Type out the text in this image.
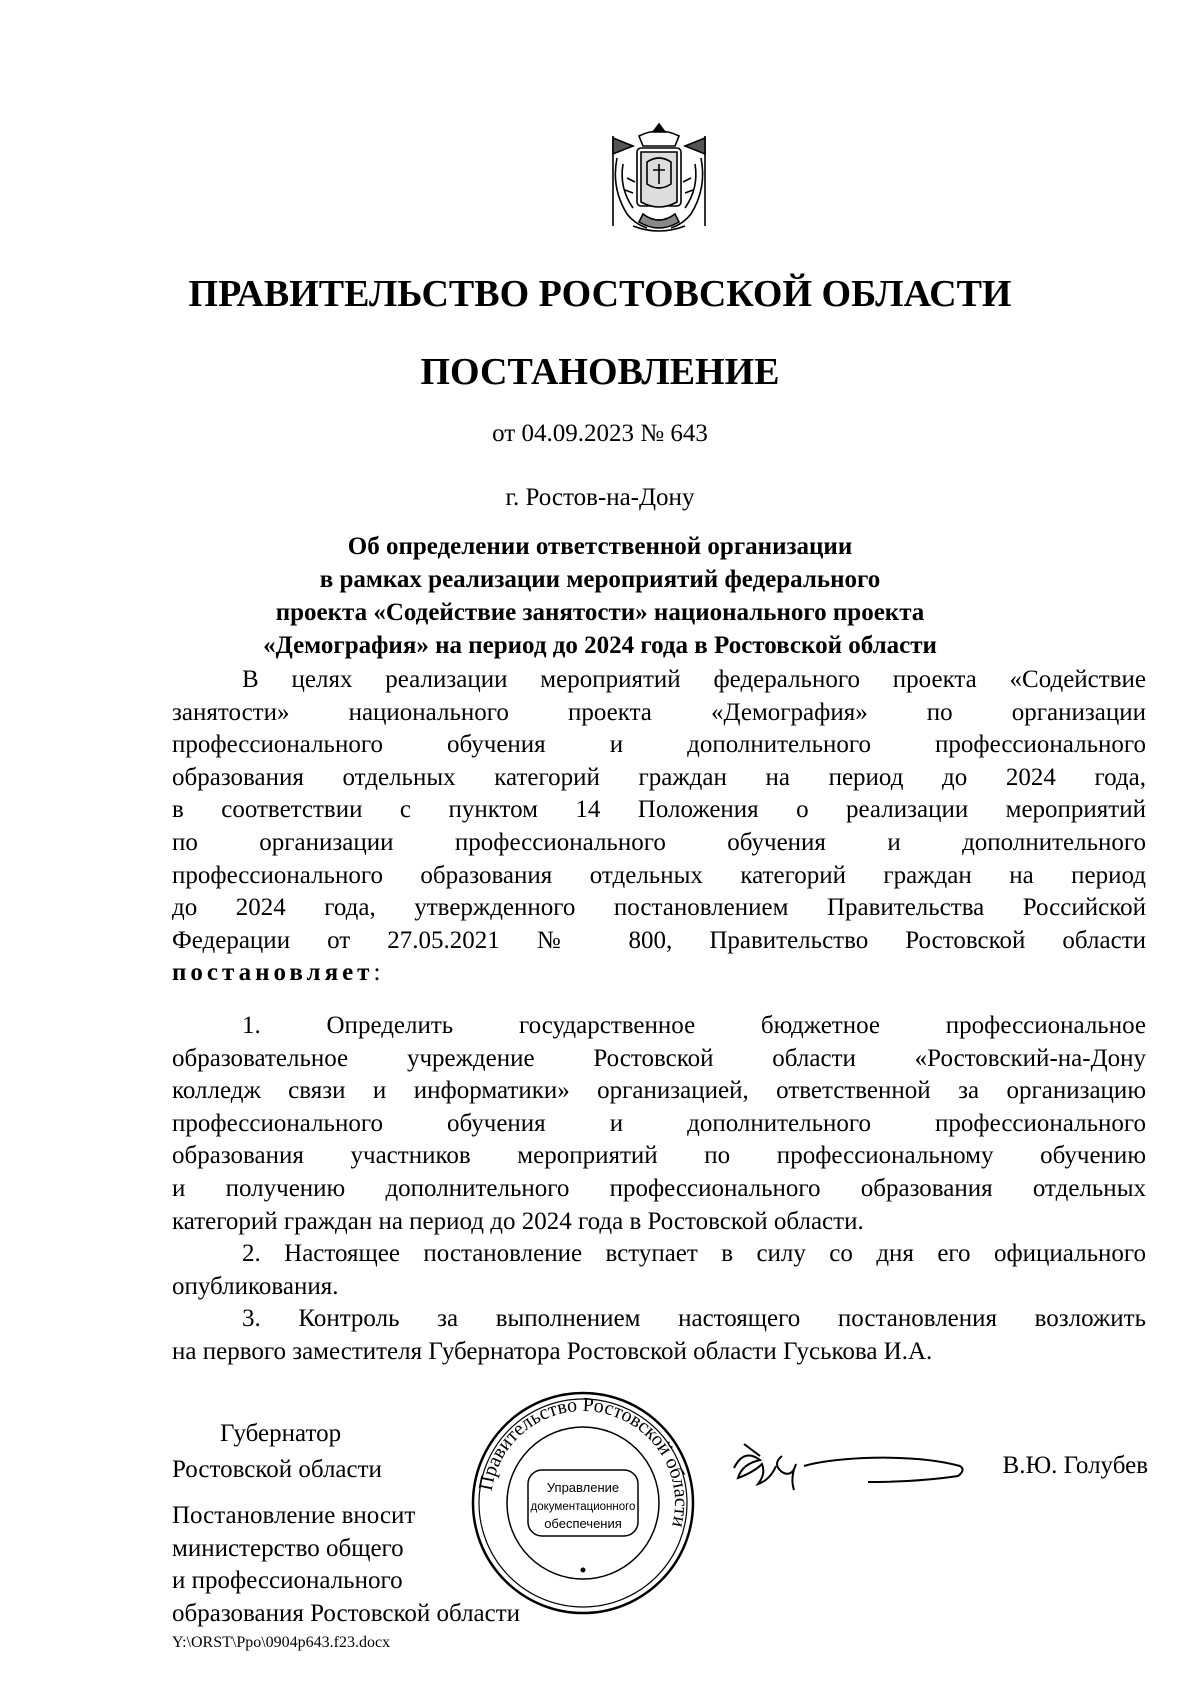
ПРАВИТЕЛЬСТВО РОСТОВСКОЙ ОБЛАСТИ
ПОСТАНОВЛЕНИЕ
от 04.09.2023 № 643
г. Ростов-на-Дону
Об определении ответственной организации
в рамках реализации мероприятий федерального
проекта «Содействие занятости» национального проекта
«Демография» на период до 2024 года в Ростовской области
В целях реализации мероприятий федерального проекта «Содействие
занятости» национального проекта «Демография» по организации
профессионального обучения и дополнительного профессионального
образования отдельных категорий граждан на период до 2024 года,
в соответствии с пунктом 14 Положения о реализации мероприятий
по организации профессионального обучения и дополнительного
профессионального образования отдельных категорий граждан на период
до 2024 года, утвержденного постановлением Правительства Российской
Федерации от 27.05.2021 № 800, Правительство Ростовской области
постановляет:
1. Определить государственное бюджетное профессиональное
образовательное учреждение Ростовской области «Ростовский-на-Дону
колледж связи и информатики» организацией, ответственной за организацию
профессионального обучения и дополнительного профессионального
образования участников мероприятий по профессиональному обучению
и получению дополнительного профессионального образования отдельных
категорий граждан на период до 2024 года в Ростовской области.
2. Настоящее постановление вступает в силу со дня его официального
опубликования.
3. Контроль за выполнением настоящего постановления возложить
на первого заместителя Губернатора Ростовской области Гуськова И.А.
Губернатор
Ростовской области	В.Ю. Голубев
Правительство Ростовской области
Управление
документационного
обеспечения
Постановление вносит
министерство общего
и профессионального
образования Ростовской области
Y:\ORST\Ppo\0904p643.f23.docx
